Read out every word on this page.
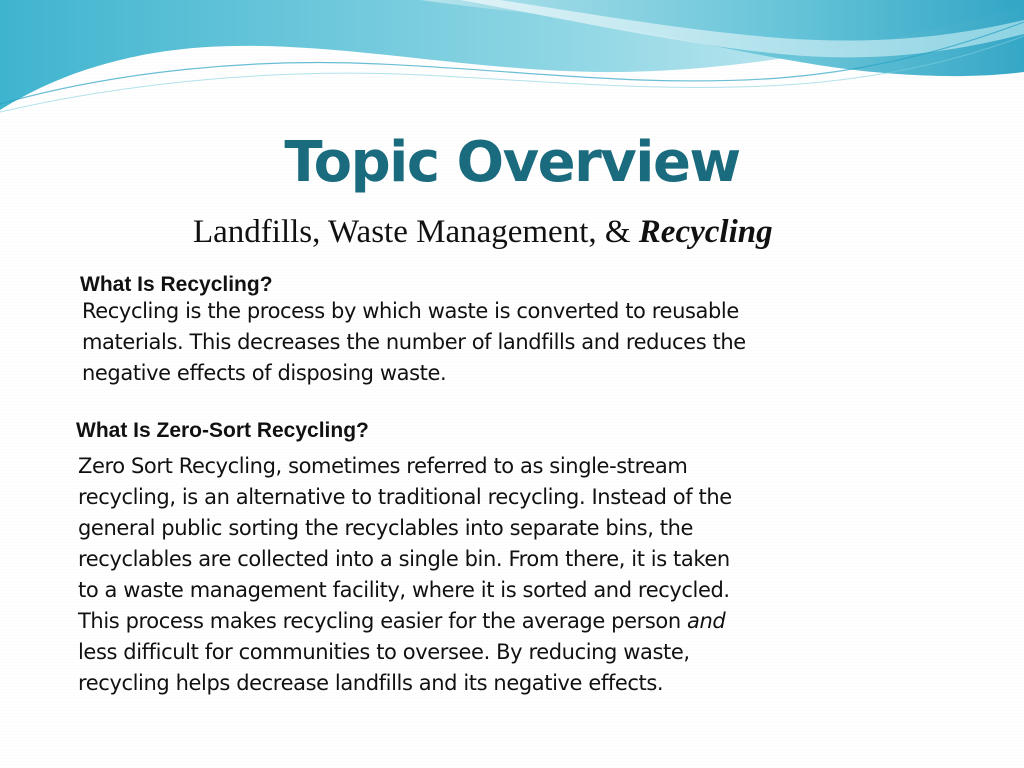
Topic Overview
Landfills, Waste Management, & Recycling
What Is Recycling?
Recycling is the process by which waste is converted to reusable
materials. This decreases the number of landfills and reduces the
negative effects of disposing waste.
What Is Zero-Sort Recycling?
Zero Sort Recycling, sometimes referred to as single-stream
recycling, is an alternative to traditional recycling. Instead of the
general public sorting the recyclables into separate bins, the
recyclables are collected into a single bin. From there, it is taken
to a waste management facility, where it is sorted and recycled.
This process makes recycling easier for the average person and
less difficult for communities to oversee. By reducing waste,
recycling helps decrease landfills and its negative effects.
